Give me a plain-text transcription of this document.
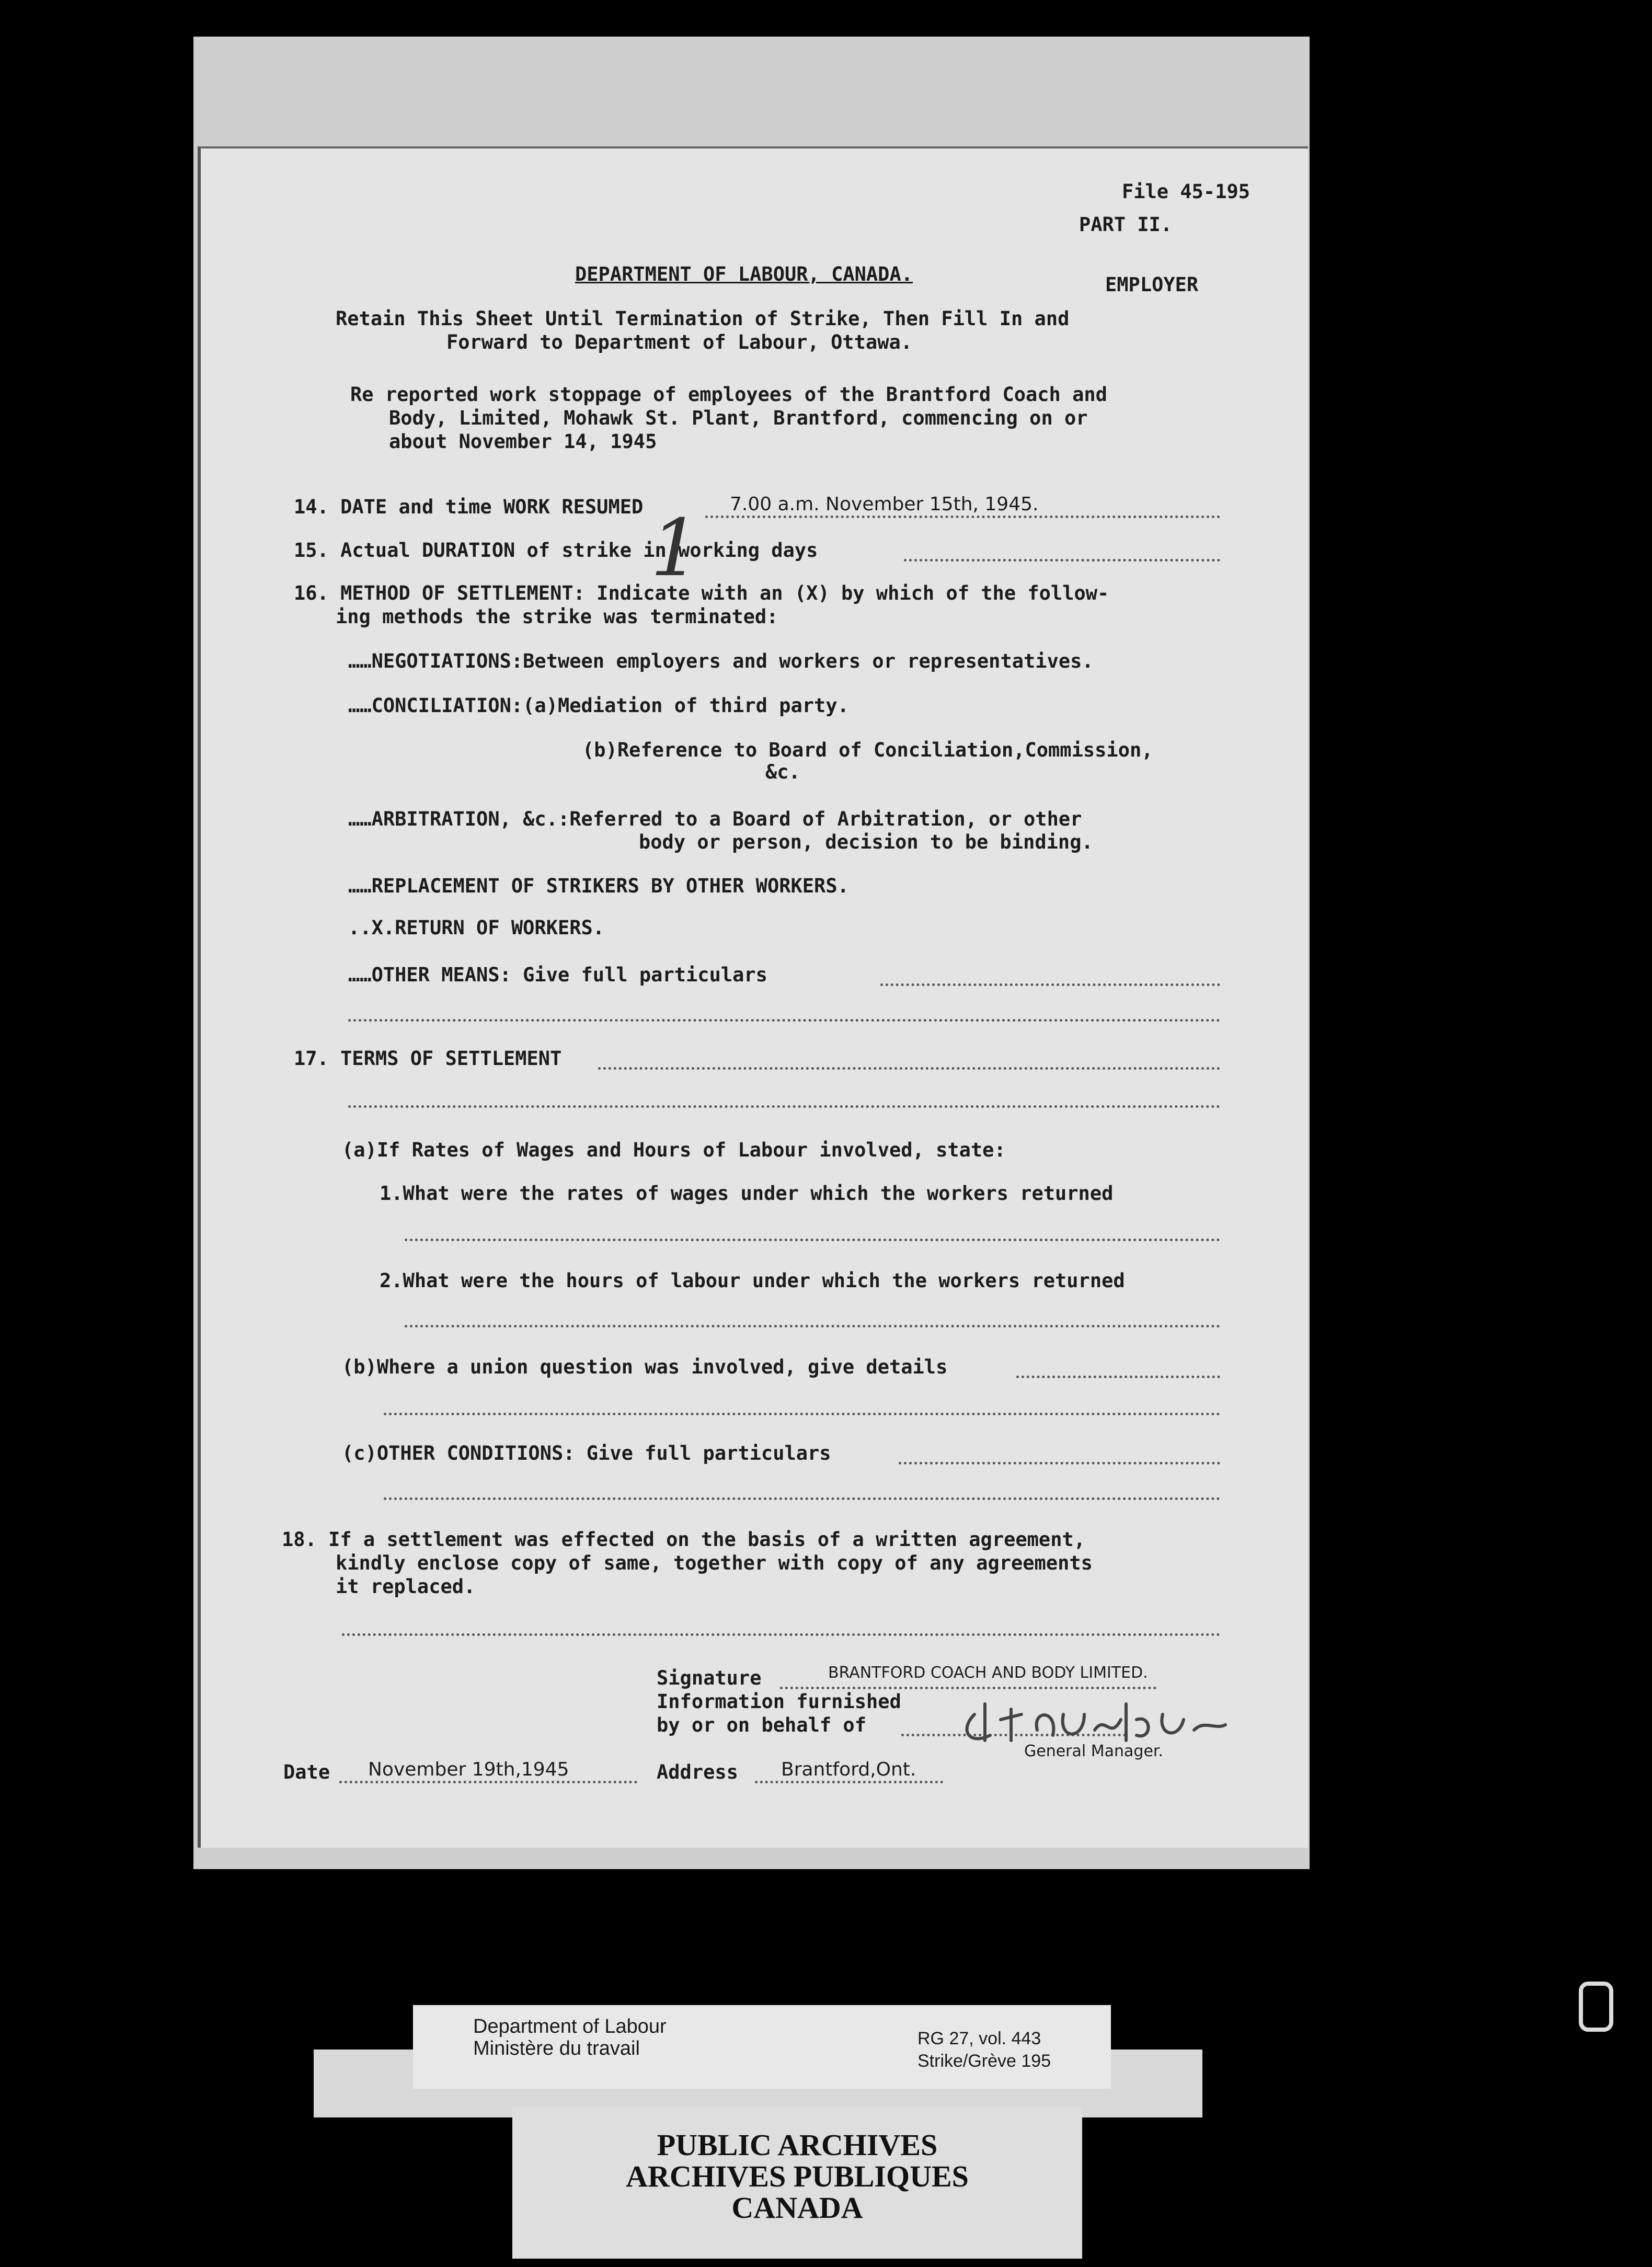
File 45-195
PART II.
DEPARTMENT OF LABOUR, CANADA.	EMPLOYER
Retain This Sheet Until Termination of Strike, Then Fill In and
Forward to Department of Labour, Ottawa.
Re reported work stoppage of employees of the Brantford Coach and
Body, Limited, Mohawk St. Plant, Brantford, commencing on or
about November 14, 1945
14. DATE and time WORK RESUMED	7.00 a.m. November 15th, 1945.
15. Actual DURATION of strike in working days
1
16. METHOD OF SETTLEMENT: Indicate with an (X) by which of the follow-
ing methods the strike was terminated:
……NEGOTIATIONS:Between employers and workers or representatives.
……CONCILIATION:(a)Mediation of third party.
(b)Reference to Board of Conciliation,Commission,
&c.
……ARBITRATION, &c.:Referred to a Board of Arbitration, or other
body or person, decision to be binding.
……REPLACEMENT OF STRIKERS BY OTHER WORKERS.
..X.RETURN OF WORKERS.
……OTHER MEANS: Give full particulars
17. TERMS OF SETTLEMENT
(a)If Rates of Wages and Hours of Labour involved, state:
1.What were the rates of wages under which the workers returned
2.What were the hours of labour under which the workers returned
(b)Where a union question was involved, give details
(c)OTHER CONDITIONS: Give full particulars
18. If a settlement was effected on the basis of a written agreement,
kindly enclose copy of same, together with copy of any agreements
it replaced.
Signature	BRANTFORD COACH AND BODY LIMITED.
Information furnished
by or on behalf of
General Manager.
Date November 19th,1945	Address Brantford,Ont.
Department of Labour
Ministère du travail	RG 27, vol. 443
Strike/Grève 195
PUBLIC ARCHIVES
ARCHIVES PUBLIQUES
CANADA
